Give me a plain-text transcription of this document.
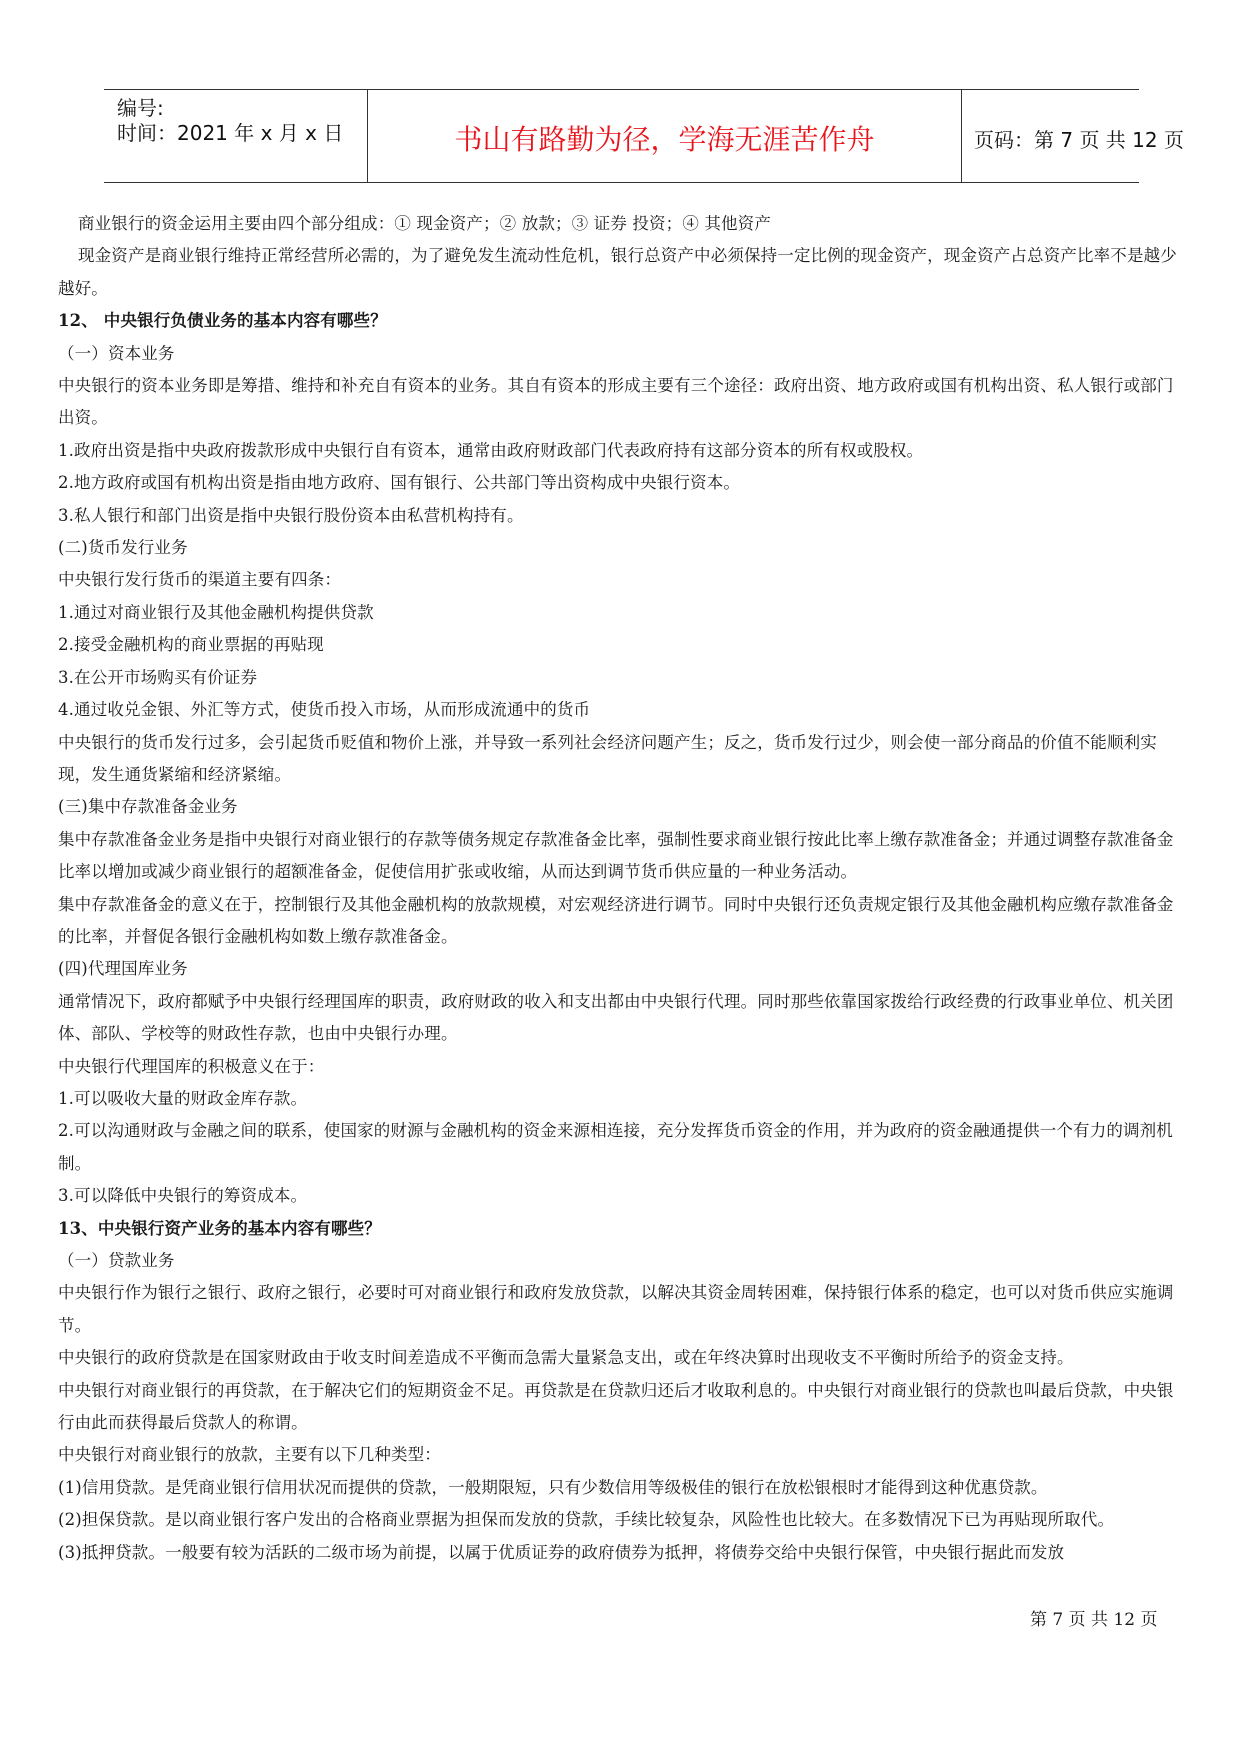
编号:
时间：2021 年 x 月 x 日	书山有路勤为径，学海无涯苦作舟	页码：第 7 页 共 12 页

商业银行的资金运用主要由四个部分组成：① 现金资产；② 放款；③ 证券 投资；④ 其他资产

现金资产是商业银行维持正常经营所必需的，为了避免发生流动性危机，银行总资产中必须保持一定比例的现金资产，现金资产占总资产比率不是越少越好。

12、 中央银行负债业务的基本内容有哪些？

（一）资本业务

中央银行的资本业务即是筹措、维持和补充自有资本的业务。其自有资本的形成主要有三个途径：政府出资、地方政府或国有机构出资、私人银行或部门出资。

1.政府出资是指中央政府拨款形成中央银行自有资本，通常由政府财政部门代表政府持有这部分资本的所有权或股权。

2.地方政府或国有机构出资是指由地方政府、国有银行、公共部门等出资构成中央银行资本。

3.私人银行和部门出资是指中央银行股份资本由私营机构持有。

(二)货币发行业务

中央银行发行货币的渠道主要有四条：

1.通过对商业银行及其他金融机构提供贷款

2.接受金融机构的商业票据的再贴现

3.在公开市场购买有价证券

4.通过收兑金银、外汇等方式，使货币投入市场，从而形成流通中的货币

中央银行的货币发行过多，会引起货币贬值和物价上涨，并导致一系列社会经济问题产生；反之，货币发行过少，则会使一部分商品的价值不能顺利实现，发生通货紧缩和经济紧缩。

(三)集中存款准备金业务

集中存款准备金业务是指中央银行对商业银行的存款等债务规定存款准备金比率，强制性要求商业银行按此比率上缴存款准备金；并通过调整存款准备金比率以增加或减少商业银行的超额准备金，促使信用扩张或收缩，从而达到调节货币供应量的一种业务活动。

集中存款准备金的意义在于，控制银行及其他金融机构的放款规模，对宏观经济进行调节。同时中央银行还负责规定银行及其他金融机构应缴存款准备金的比率，并督促各银行金融机构如数上缴存款准备金。

(四)代理国库业务

通常情况下，政府都赋予中央银行经理国库的职责，政府财政的收入和支出都由中央银行代理。同时那些依靠国家拨给行政经费的行政事业单位、机关团体、部队、学校等的财政性存款，也由中央银行办理。

中央银行代理国库的积极意义在于：

1.可以吸收大量的财政金库存款。

2.可以沟通财政与金融之间的联系，使国家的财源与金融机构的资金来源相连接，充分发挥货币资金的作用，并为政府的资金融通提供一个有力的调剂机制。

3.可以降低中央银行的筹资成本。

13、中央银行资产业务的基本内容有哪些？

（一）贷款业务

中央银行作为银行之银行、政府之银行，必要时可对商业银行和政府发放贷款，以解决其资金周转困难，保持银行体系的稳定，也可以对货币供应实施调节。

中央银行的政府贷款是在国家财政由于收支时间差造成不平衡而急需大量紧急支出，或在年终决算时出现收支不平衡时所给予的资金支持。

中央银行对商业银行的再贷款，在于解决它们的短期资金不足。再贷款是在贷款归还后才收取利息的。中央银行对商业银行的贷款也叫最后贷款，中央银行由此而获得最后贷款人的称谓。

中央银行对商业银行的放款，主要有以下几种类型：

(1)信用贷款。是凭商业银行信用状况而提供的贷款，一般期限短，只有少数信用等级极佳的银行在放松银根时才能得到这种优惠贷款。

(2)担保贷款。是以商业银行客户发出的合格商业票据为担保而发放的贷款，手续比较复杂，风险性也比较大。在多数情况下已为再贴现所取代。

(3)抵押贷款。一般要有较为活跃的二级市场为前提，以属于优质证券的政府债券为抵押，将债券交给中央银行保管，中央银行据此而发放

第 7 页 共 12 页
